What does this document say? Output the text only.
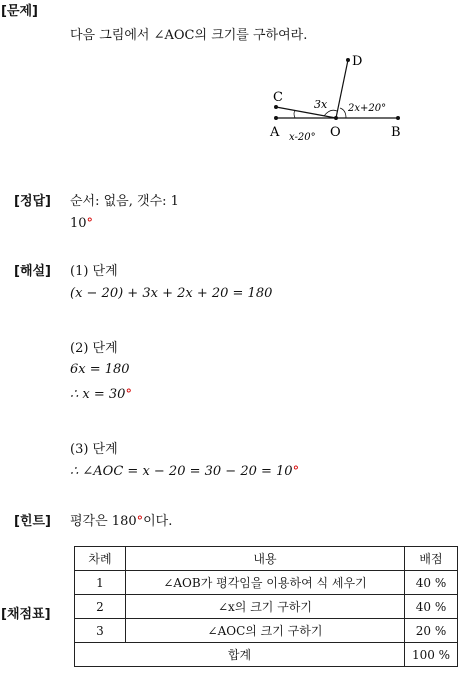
[문제]
다음 그림에서 ∠AOC의 크기를 구하여라.
A	O	B
C
D
3x 2x+20°
x-20°
[정답] 순서: 없음, 갯수: 1
10°
[해설] (1) 단계
(x − 20) + 3x + 2x + 20 = 180
(2) 단계
6x = 180
∴ x = 30°
(3) 단계
∴ ∠AOC = x − 20 = 30 − 20 = 10°
[힌트] 평각은 180°이다.
[채점표]
차례	내용	배점
1	∠AOB가 평각임을 이용하여 식 세우기	40 %
2	∠x의 크기 구하기	40 %
3	∠AOC의 크기 구하기	20 %
합계		100 %
